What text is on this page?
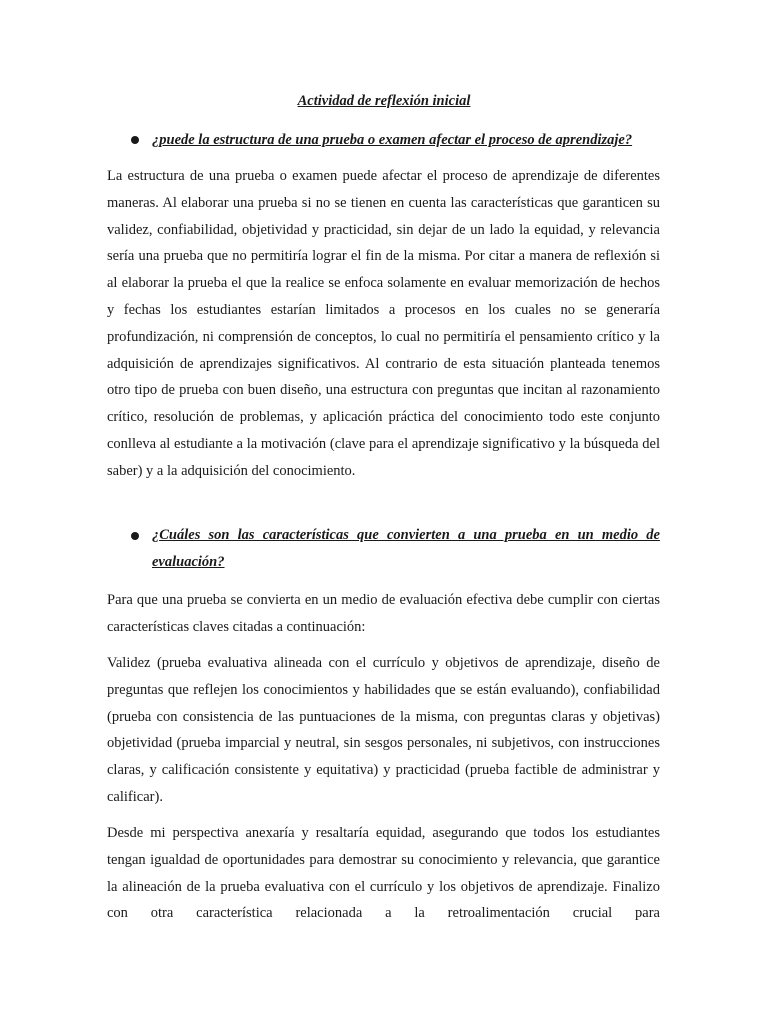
Actividad de reflexión inicial
¿puede la estructura de una prueba o examen afectar el proceso de aprendizaje?

La estructura de una prueba o examen puede afectar el proceso de aprendizaje de diferentes maneras. Al elaborar una prueba si no se tienen en cuenta las características que garanticen su validez, confiabilidad, objetividad y practicidad, sin dejar de un lado la equidad, y relevancia sería una prueba que no permitiría lograr el fin de la misma. Por citar a manera de reflexión si al elaborar la prueba el que la realice se enfoca solamente en evaluar memorización de hechos y fechas los estudiantes estarían limitados a procesos en los cuales no se generaría profundización, ni comprensión de conceptos, lo cual no permitiría el pensamiento crítico y la adquisición de aprendizajes significativos. Al contrario de esta situación planteada tenemos otro tipo de prueba con buen diseño, una estructura con preguntas que incitan al razonamiento crítico, resolución de problemas, y aplicación práctica del conocimiento todo este conjunto conlleva al estudiante a la motivación (clave para el aprendizaje significativo y la búsqueda del saber) y a la adquisición del conocimiento.

¿Cuáles son las características que convierten a una prueba en un medio de evaluación?

Para que una prueba se convierta en un medio de evaluación efectiva debe cumplir con ciertas características claves citadas a continuación:

Validez (prueba evaluativa alineada con el currículo y objetivos de aprendizaje, diseño de preguntas que reflejen los conocimientos y habilidades que se están evaluando), confiabilidad (prueba con consistencia de las puntuaciones de la misma, con preguntas claras y objetivas) objetividad (prueba imparcial y neutral, sin sesgos personales, ni subjetivos, con instrucciones claras, y calificación consistente y equitativa) y practicidad (prueba factible de administrar y calificar).

Desde mi perspectiva anexaría y resaltaría equidad, asegurando que todos los estudiantes tengan igualdad de oportunidades para demostrar su conocimiento y relevancia, que garantice la alineación de la prueba evaluativa con el currículo y los objetivos de aprendizaje. Finalizo con otra característica relacionada a la retroalimentación crucial para
